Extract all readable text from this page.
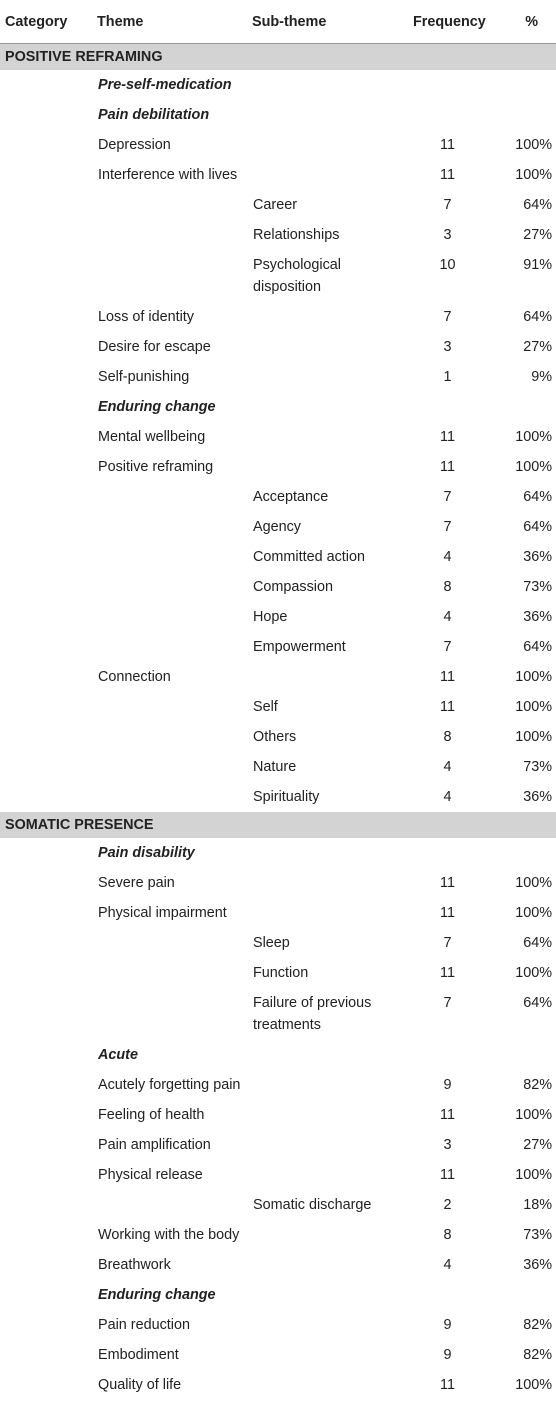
Category	Theme	Sub-theme	Frequency	%
POSITIVE REFRAMING				
	Pre-self-medication			
	Pain debilitation			
	Depression		11	100%
	Interference with lives		11	100%
		Career	7	64%
		Relationships	3	27%
		Psychological disposition	10	91%
	Loss of identity		7	64%
	Desire for escape		3	27%
	Self-punishing		1	9%
	Enduring change			
	Mental wellbeing		11	100%
	Positive reframing		11	100%
		Acceptance	7	64%
		Agency	7	64%
		Committed action	4	36%
		Compassion	8	73%
		Hope	4	36%
		Empowerment	7	64%
	Connection		11	100%
		Self	11	100%
		Others	8	100%
		Nature	4	73%
		Spirituality	4	36%
SOMATIC PRESENCE				
	Pain disability			
	Severe pain		11	100%
	Physical impairment		11	100%
		Sleep	7	64%
		Function	11	100%
		Failure of previous treatments	7	64%
	Acute			
	Acutely forgetting pain		9	82%
	Feeling of health		11	100%
	Pain amplification		3	27%
	Physical release		11	100%
		Somatic discharge	2	18%
	Working with the body		8	73%
	Breathwork		4	36%
	Enduring change			
	Pain reduction		9	82%
	Embodiment		9	82%
	Quality of life		11	100%
